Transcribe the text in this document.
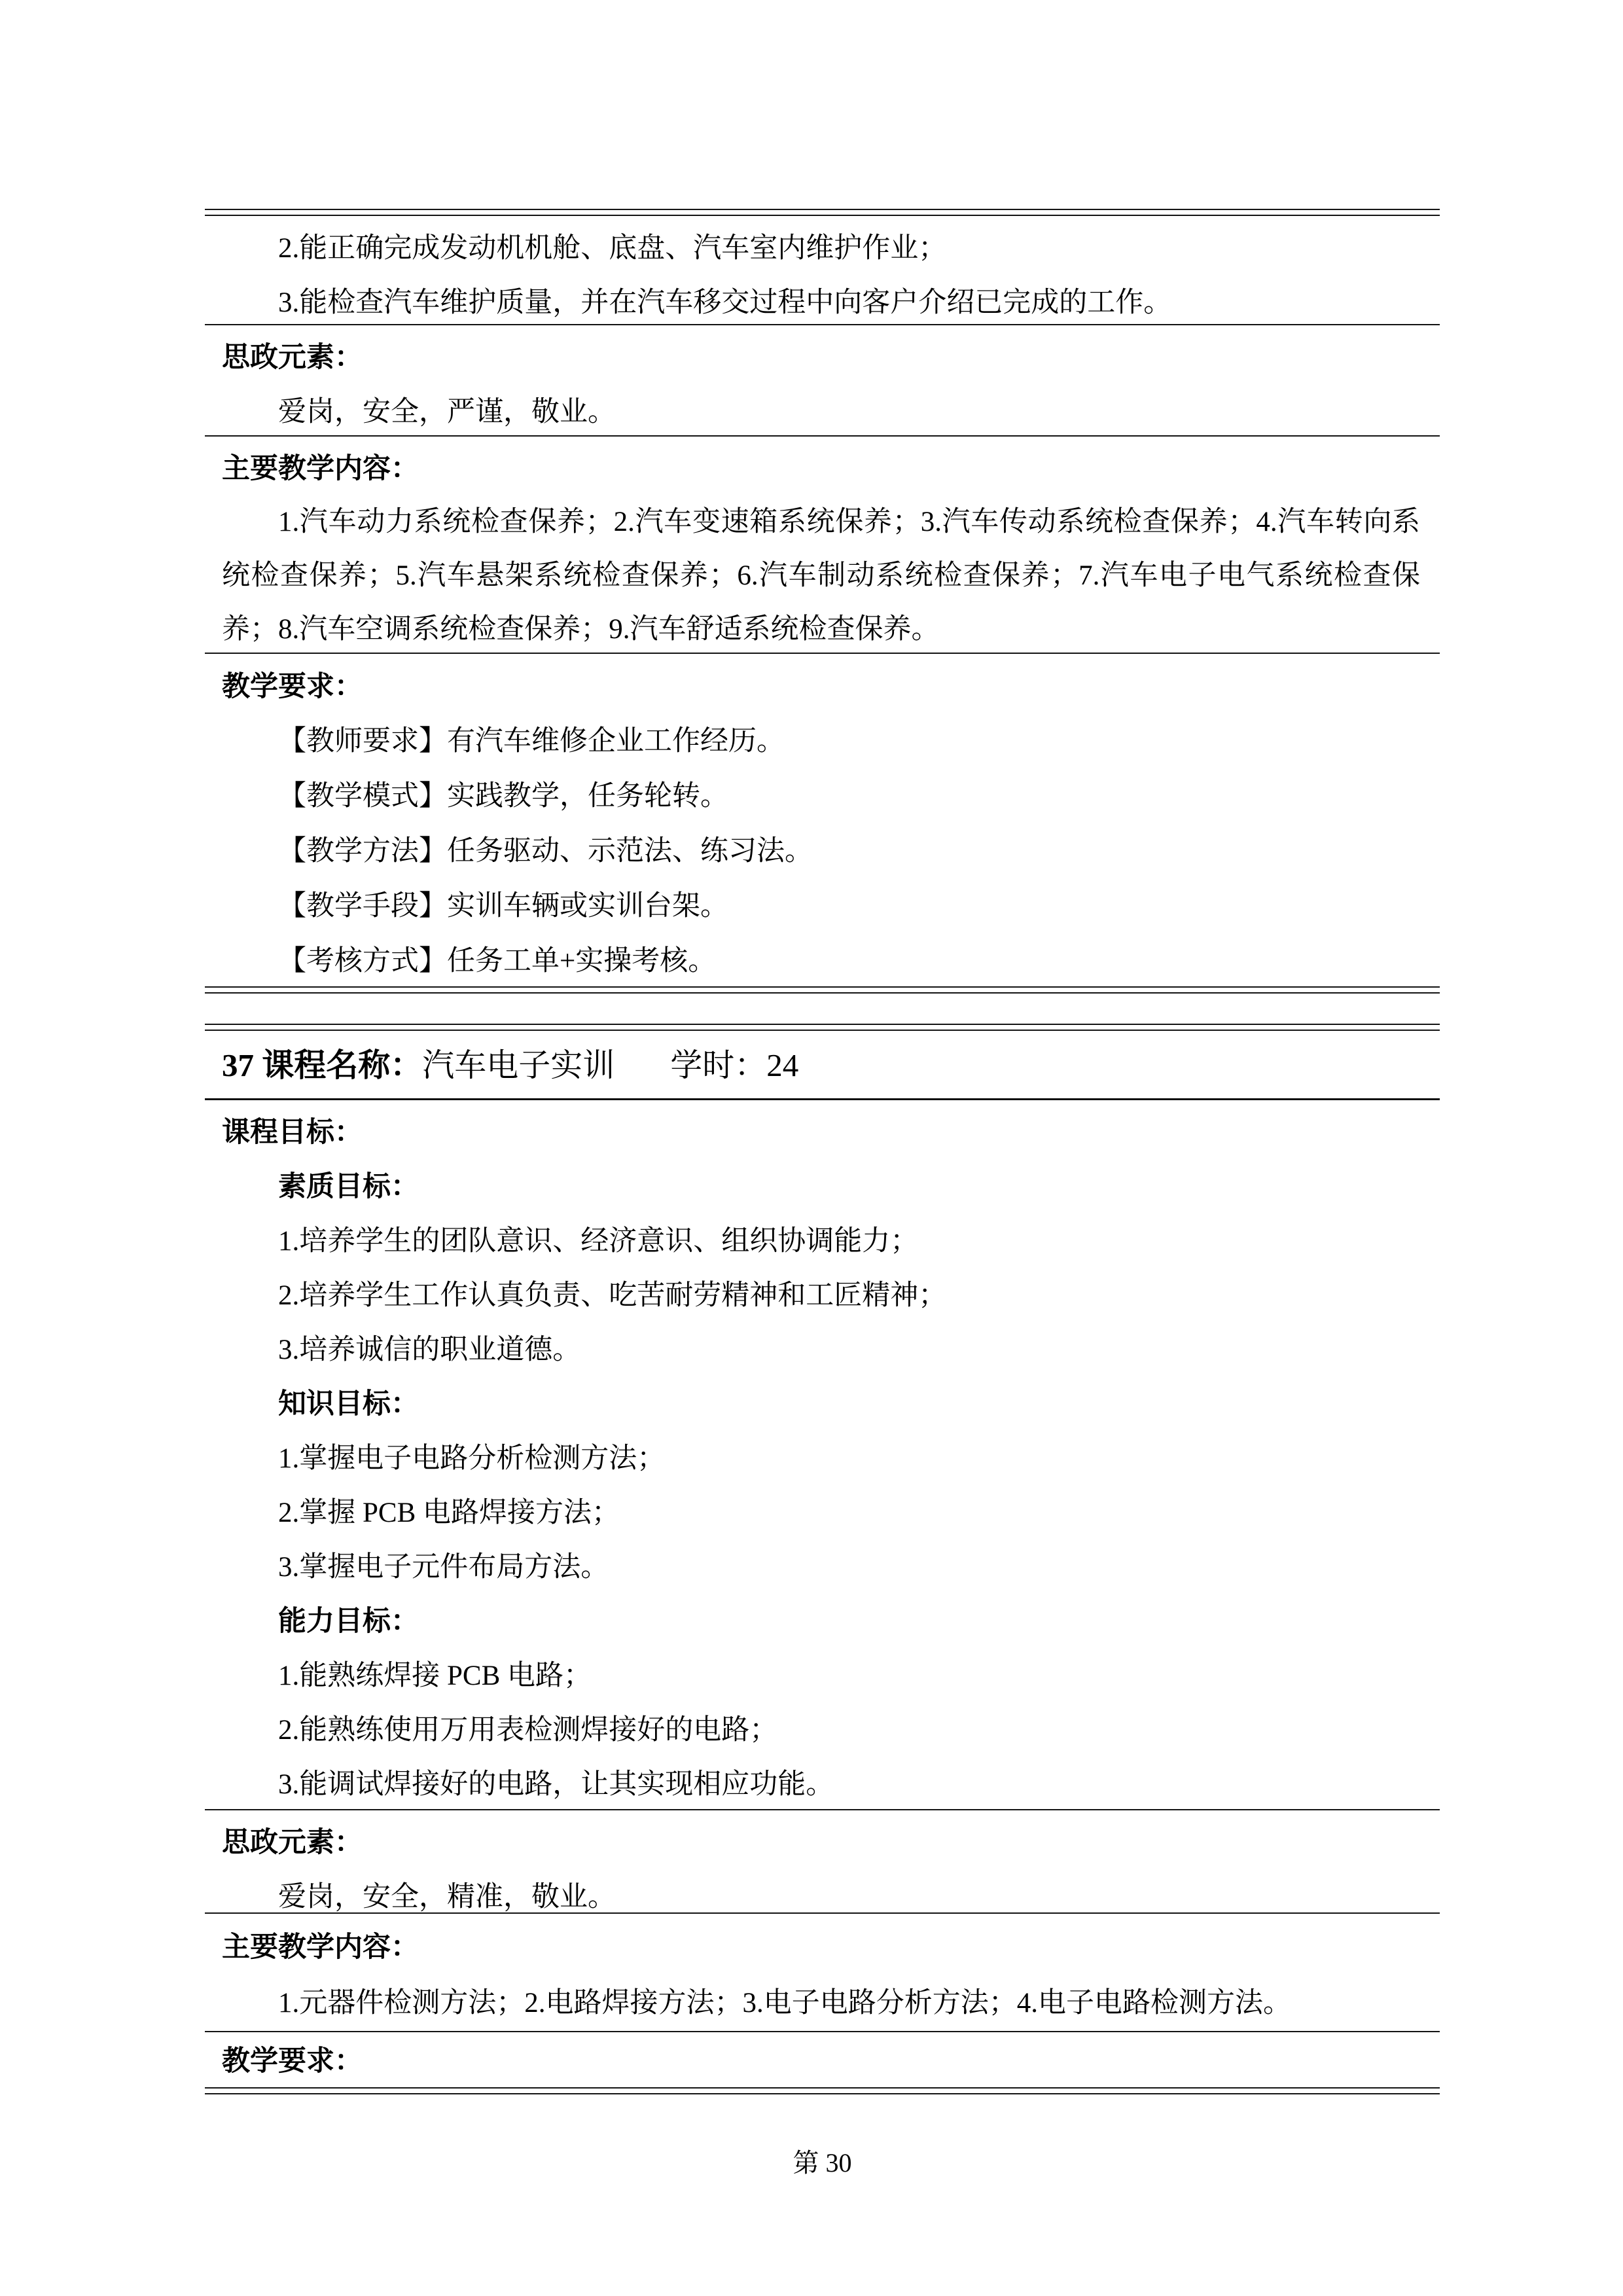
2.能正确完成发动机机舱、底盘、汽车室内维护作业；

3.能检查汽车维护质量，并在汽车移交过程中向客户介绍已完成的工作。

思政元素：

爱岗，安全，严谨，敬业。

主要教学内容：

1.汽车动力系统检查保养；2.汽车变速箱系统保养；3.汽车传动系统检查保养；4.汽车转向系统检查保养；5.汽车悬架系统检查保养；6.汽车制动系统检查保养；7.汽车电子电气系统检查保养；8.汽车空调系统检查保养；9.汽车舒适系统检查保养。

教学要求：

【教师要求】有汽车维修企业工作经历。

【教学模式】实践教学，任务轮转。

【教学方法】任务驱动、示范法、练习法。

【教学手段】实训车辆或实训台架。

【考核方式】任务工单+实操考核。

37 课程名称：汽车电子实训 学时：24

课程目标：

素质目标：

1.培养学生的团队意识、经济意识、组织协调能力；

2.培养学生工作认真负责、吃苦耐劳精神和工匠精神；

3.培养诚信的职业道德。

知识目标：

1.掌握电子电路分析检测方法；

2.掌握 PCB 电路焊接方法；

3.掌握电子元件布局方法。

能力目标：

1.能熟练焊接 PCB 电路；

2.能熟练使用万用表检测焊接好的电路；

3.能调试焊接好的电路，让其实现相应功能。

思政元素：

爱岗，安全，精准，敬业。

主要教学内容：

1.元器件检测方法；2.电路焊接方法；3.电子电路分析方法；4.电子电路检测方法。

教学要求：

第 30
